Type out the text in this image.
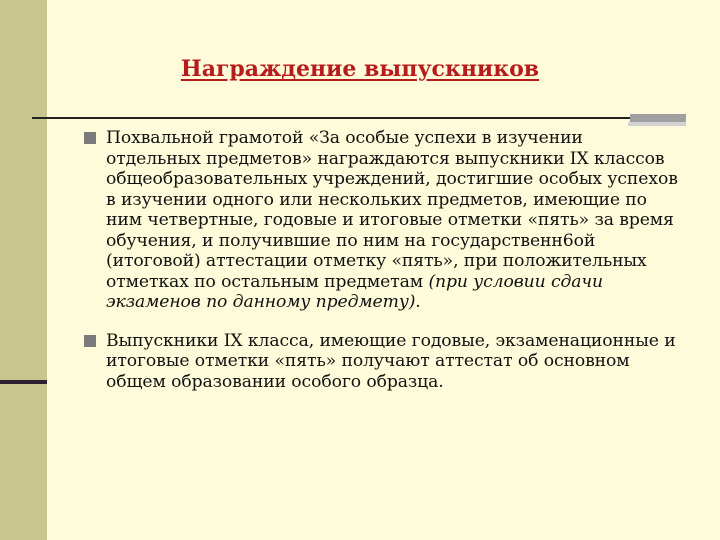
Награждение выпускников
Похвальной грамотой «За особые успехи в изучении отдельных предметов» награждаются выпускники IX классов общеобразовательных учреждений, достигшие особых успехов в изучении одного или нескольких предметов, имеющие по ним четвертные, годовые и итоговые отметки «пять» за время обучения, и получившие по ним на государственн6ой (итоговой) аттестации отметку «пять», при положительных отметках по остальным предметам (при условии сдачи экзаменов по данному предмету).
Выпускники IX класса, имеющие годовые, экзаменационные и итоговые отметки «пять» получают аттестат об основном общем образовании особого образца.
